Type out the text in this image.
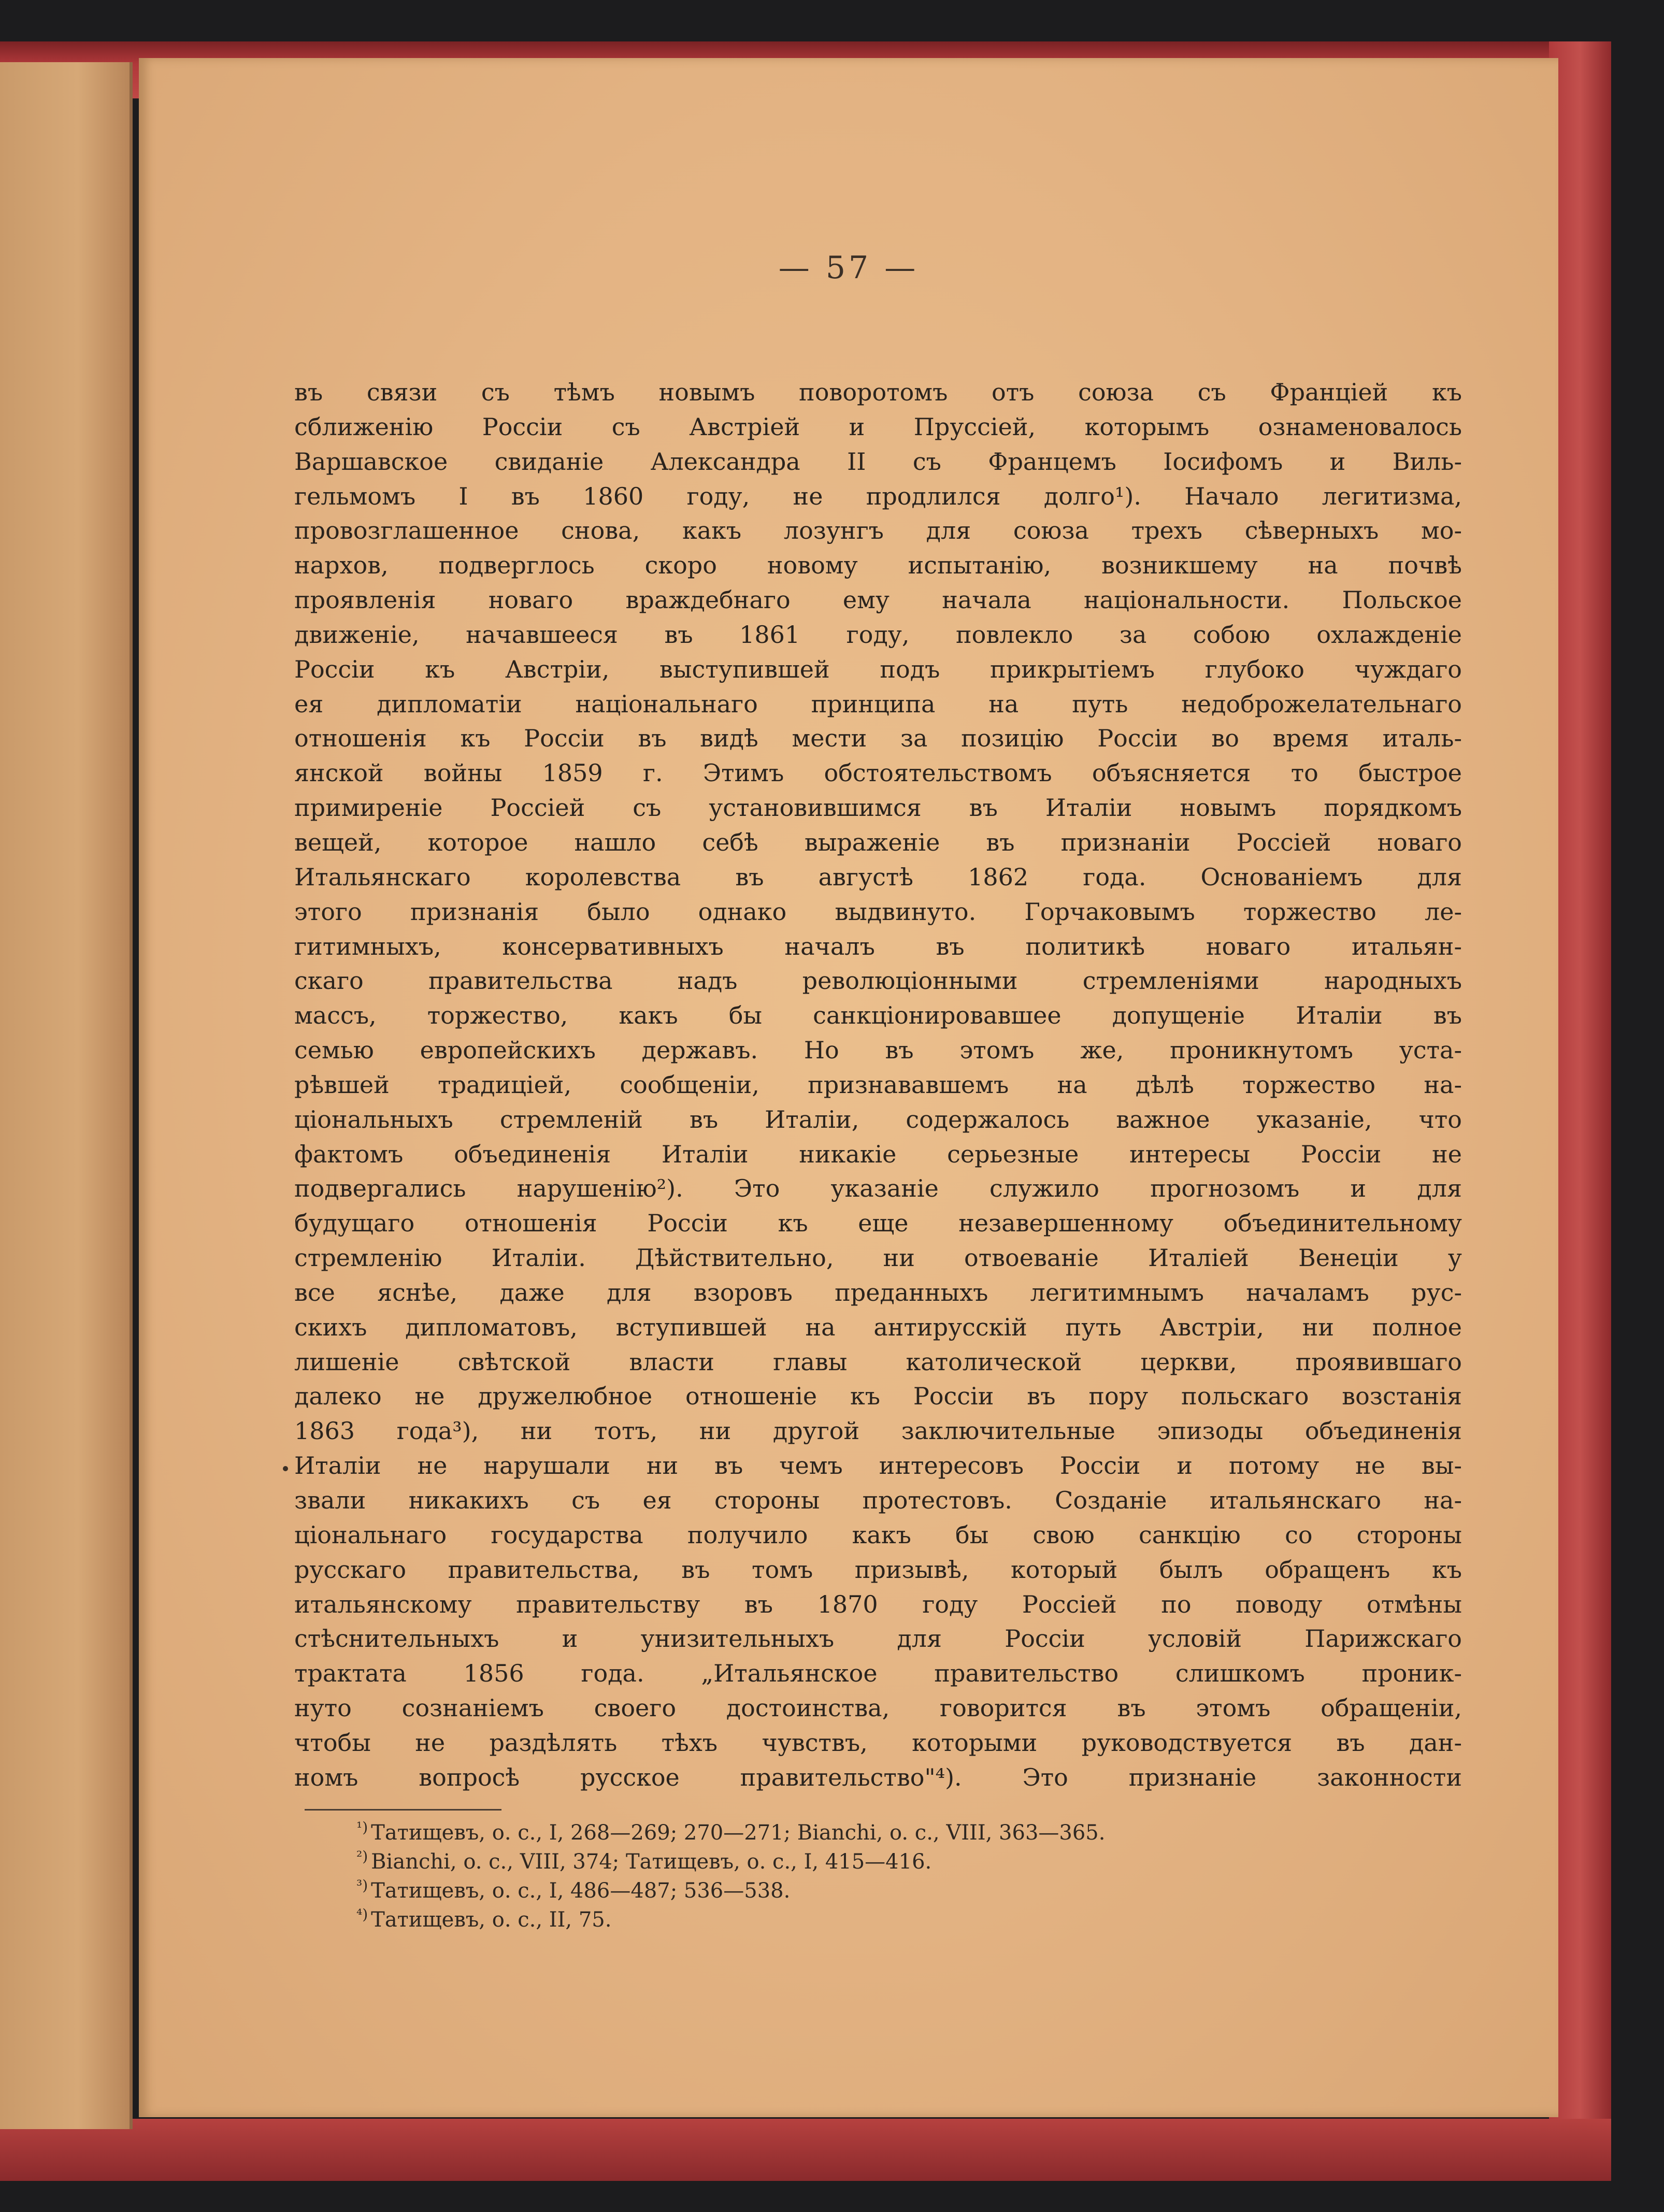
— 57 —
въ связи съ тѣмъ новымъ поворотомъ отъ союза съ Франціей къ
сближенію Россіи съ Австріей и Пруссіей, которымъ ознаменовалось
Варшавское свиданіе Александра II съ Францемъ Іосифомъ и Виль-
гельмомъ I въ 1860 году, не продлился долго¹). Начало легитизма,
провозглашенное снова, какъ лозунгъ для союза трехъ сѣверныхъ мо-
нархов, подверглось скоро новому испытанію, возникшему на почвѣ
проявленія новаго враждебнаго ему начала національности. Польское
движеніе, начавшееся въ 1861 году, повлекло за собою охлажденіе
Россіи къ Австріи, выступившей подъ прикрытіемъ глубоко чуждаго
ея дипломатіи національнаго принципа на путь недоброжелательнаго
отношенія къ Россіи въ видѣ мести за позицію Россіи во время италь-
янской войны 1859 г. Этимъ обстоятельствомъ объясняется то быстрое
примиреніе Россіей съ установившимся въ Италіи новымъ порядкомъ
вещей, которое нашло себѣ выраженіе въ признаніи Россіей новаго
Итальянскаго королевства въ августѣ 1862 года. Основаніемъ для
этого признанія было однако выдвинуто. Горчаковымъ торжество ле-
гитимныхъ, консервативныхъ началъ въ политикѣ новаго итальян-
скаго правительства надъ революціонными стремленіями народныхъ
массъ, торжество, какъ бы санкціонировавшее допущеніе Италіи въ
семью европейскихъ державъ. Но въ этомъ же, проникнутомъ уста-
рѣвшей традиціей, сообщеніи, признававшемъ на дѣлѣ торжество на-
ціональныхъ стремленій въ Италіи, содержалось важное указаніе, что
фактомъ объединенія Италіи никакіе серьезные интересы Россіи не
подвергались нарушенію²). Это указаніе служило прогнозомъ и для
будущаго отношенія Россіи къ еще незавершенному объединительному
стремленію Италіи. Дѣйствительно, ни отвоеваніе Италіей Венеціи у
все яснѣе, даже для взоровъ преданныхъ легитимнымъ началамъ рус-
скихъ дипломатовъ, вступившей на антирусскій путь Австріи, ни полное
лишеніе свѣтской власти главы католической церкви, проявившаго
далеко не дружелюбное отношеніе къ Россіи въ пору польскаго возстанія
1863 года³), ни тотъ, ни другой заключительные эпизоды объединенія
Италіи не нарушали ни въ чемъ интересовъ Россіи и потому не вы-
звали никакихъ съ ея стороны протестовъ. Созданіе итальянскаго на-
ціональнаго государства получило какъ бы свою санкцію со стороны
русскаго правительства, въ томъ призывѣ, который былъ обращенъ къ
итальянскому правительству въ 1870 году Россіей по поводу отмѣны
стѣснительныхъ и унизительныхъ для Россіи условій Парижскаго
трактата 1856 года. „Итальянское правительство слишкомъ проник-
нуто сознаніемъ своего достоинства, говорится въ этомъ обращеніи,
чтобы не раздѣлять тѣхъ чувствъ, которыми руководствуется въ дан-
номъ вопросѣ русское правительство"⁴). Это признаніе законности
$^{^1)}$ Татищевъ, о. с., I, 268—269; 270—271; Bianchi, o. c., VIII, 363—365.
$^{^2)}$ Bianchi, o. c., VIII, 374; Татищевъ, о. с., I, 415—416.
$^{^3)}$ Татищевъ, о. с., I, 486—487; 536—538.
$^{^4)}$ Татищевъ, о. с., II, 75.
